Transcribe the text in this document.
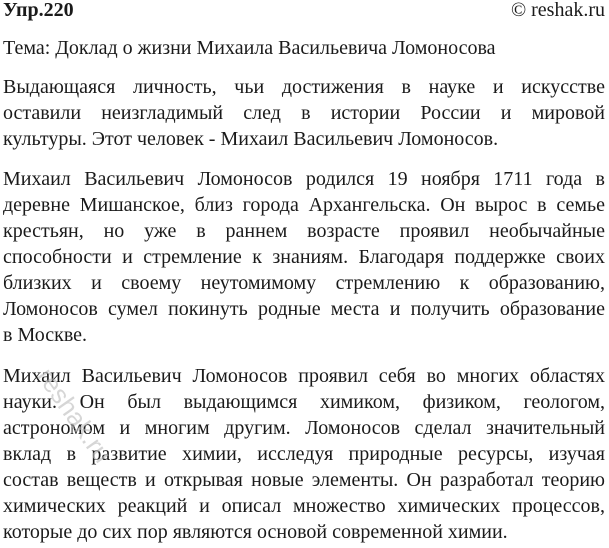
Упр.220	© reshak.ru
Тема: Доклад о жизни Михаила Васильевича Ломоносова
Выдающаяся личность, чьи достижения в науке и искусстве
оставили неизгладимый след в истории России и мировой
культуры. Этот человек - Михаил Васильевич Ломоносов.
Михаил Васильевич Ломоносов родился 19 ноября 1711 года в
деревне Мишанское, близ города Архангельска. Он вырос в семье
крестьян, но уже в раннем возрасте проявил необычайные
способности и стремление к знаниям. Благодаря поддержке своих
близких и своему неутомимому стремлению к образованию,
Ломоносов сумел покинуть родные места и получить образование
в Москве.
Михаил Васильевич Ломоносов проявил себя во многих областях
науки. Он был выдающимся химиком, физиком, геологом,
астрономом и многим другим. Ломоносов сделал значительный
вклад в развитие химии, исследуя природные ресурсы, изучая
состав веществ и открывая новые элементы. Он разработал теорию
химических реакций и описал множество химических процессов,
которые до сих пор являются основой современной химии.
reshak.ru
